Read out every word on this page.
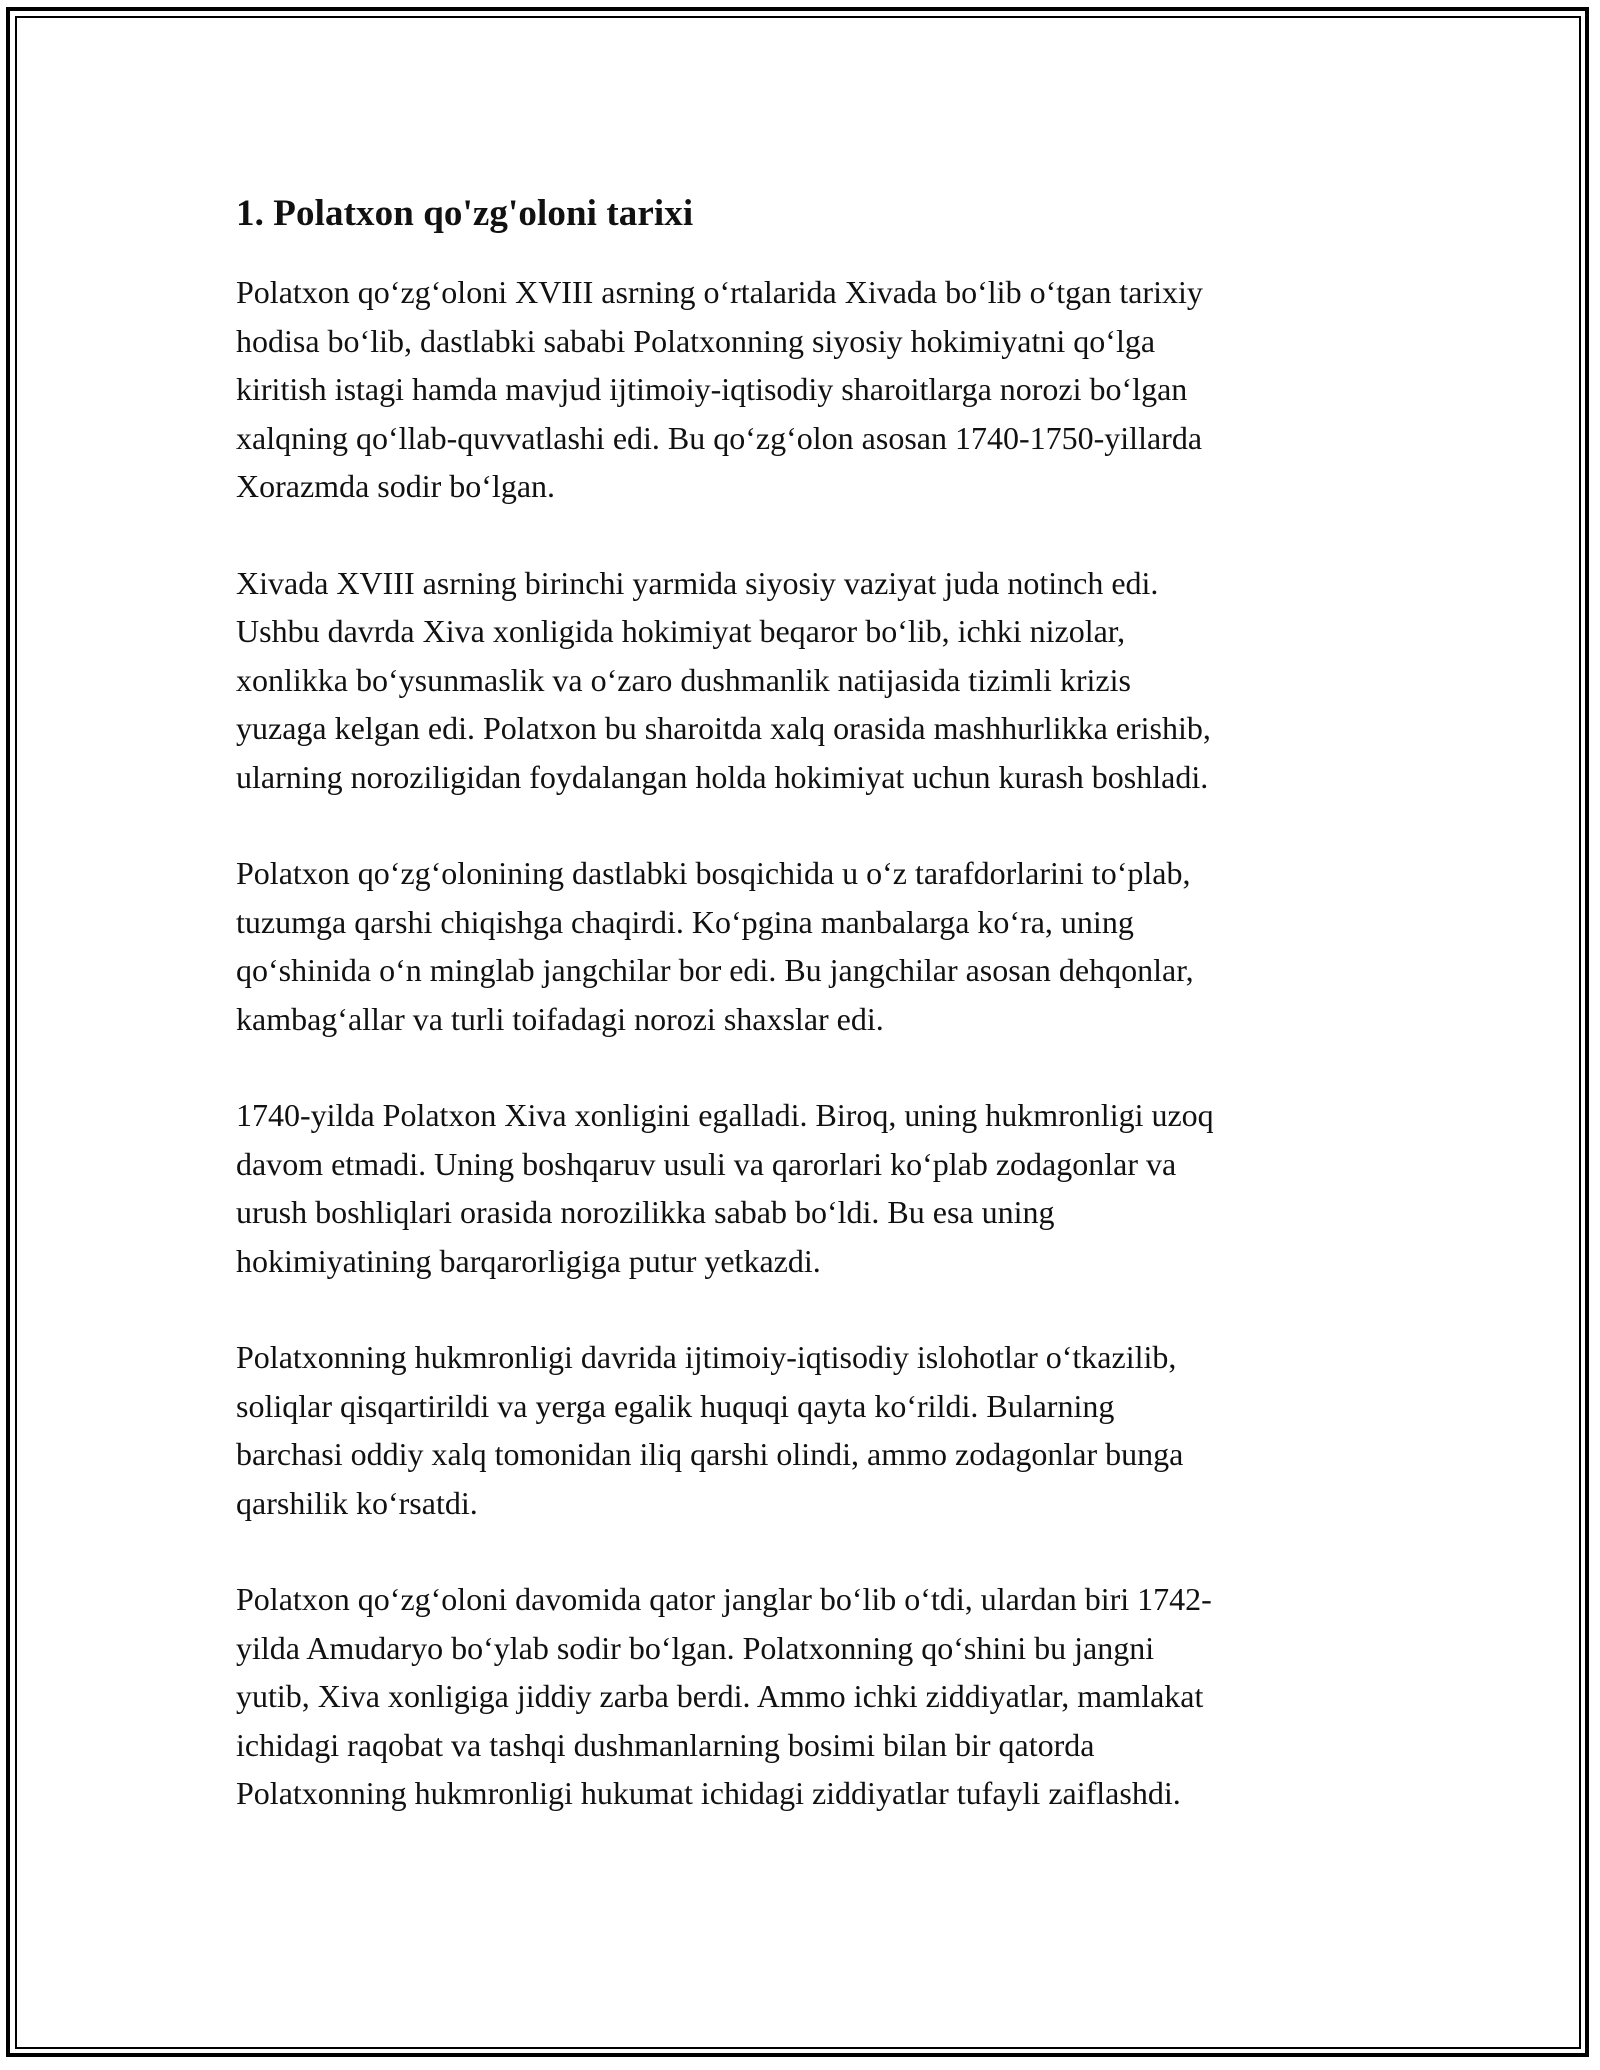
1. Polatxon qo'zg'oloni tarixi

Polatxon qo‘zg‘oloni XVIII asrning o‘rtalarida Xivada bo‘lib o‘tgan tarixiy
hodisa bo‘lib, dastlabki sababi Polatxonning siyosiy hokimiyatni qo‘lga
kiritish istagi hamda mavjud ijtimoiy-iqtisodiy sharoitlarga norozi bo‘lgan
xalqning qo‘llab-quvvatlashi edi. Bu qo‘zg‘olon asosan 1740-1750-yillarda
Xorazmda sodir bo‘lgan.

Xivada XVIII asrning birinchi yarmida siyosiy vaziyat juda notinch edi.
Ushbu davrda Xiva xonligida hokimiyat beqaror bo‘lib, ichki nizolar,
xonlikka bo‘ysunmaslik va o‘zaro dushmanlik natijasida tizimli krizis
yuzaga kelgan edi. Polatxon bu sharoitda xalq orasida mashhurlikka erishib,
ularning noroziligidan foydalangan holda hokimiyat uchun kurash boshladi.

Polatxon qo‘zg‘olonining dastlabki bosqichida u o‘z tarafdorlarini to‘plab,
tuzumga qarshi chiqishga chaqirdi. Ko‘pgina manbalarga ko‘ra, uning
qo‘shinida o‘n minglab jangchilar bor edi. Bu jangchilar asosan dehqonlar,
kambag‘allar va turli toifadagi norozi shaxslar edi.

1740-yilda Polatxon Xiva xonligini egalladi. Biroq, uning hukmronligi uzoq
davom etmadi. Uning boshqaruv usuli va qarorlari ko‘plab zodagonlar va
urush boshliqlari orasida norozilikka sabab bo‘ldi. Bu esa uning
hokimiyatining barqarorligiga putur yetkazdi.

Polatxonning hukmronligi davrida ijtimoiy-iqtisodiy islohotlar o‘tkazilib,
soliqlar qisqartirildi va yerga egalik huquqi qayta ko‘rildi. Bularning
barchasi oddiy xalq tomonidan iliq qarshi olindi, ammo zodagonlar bunga
qarshilik ko‘rsatdi.

Polatxon qo‘zg‘oloni davomida qator janglar bo‘lib o‘tdi, ulardan biri 1742-
yilda Amudaryo bo‘ylab sodir bo‘lgan. Polatxonning qo‘shini bu jangni
yutib, Xiva xonligiga jiddiy zarba berdi. Ammo ichki ziddiyatlar, mamlakat
ichidagi raqobat va tashqi dushmanlarning bosimi bilan bir qatorda
Polatxonning hukmronligi hukumat ichidagi ziddiyatlar tufayli zaiflashdi.
